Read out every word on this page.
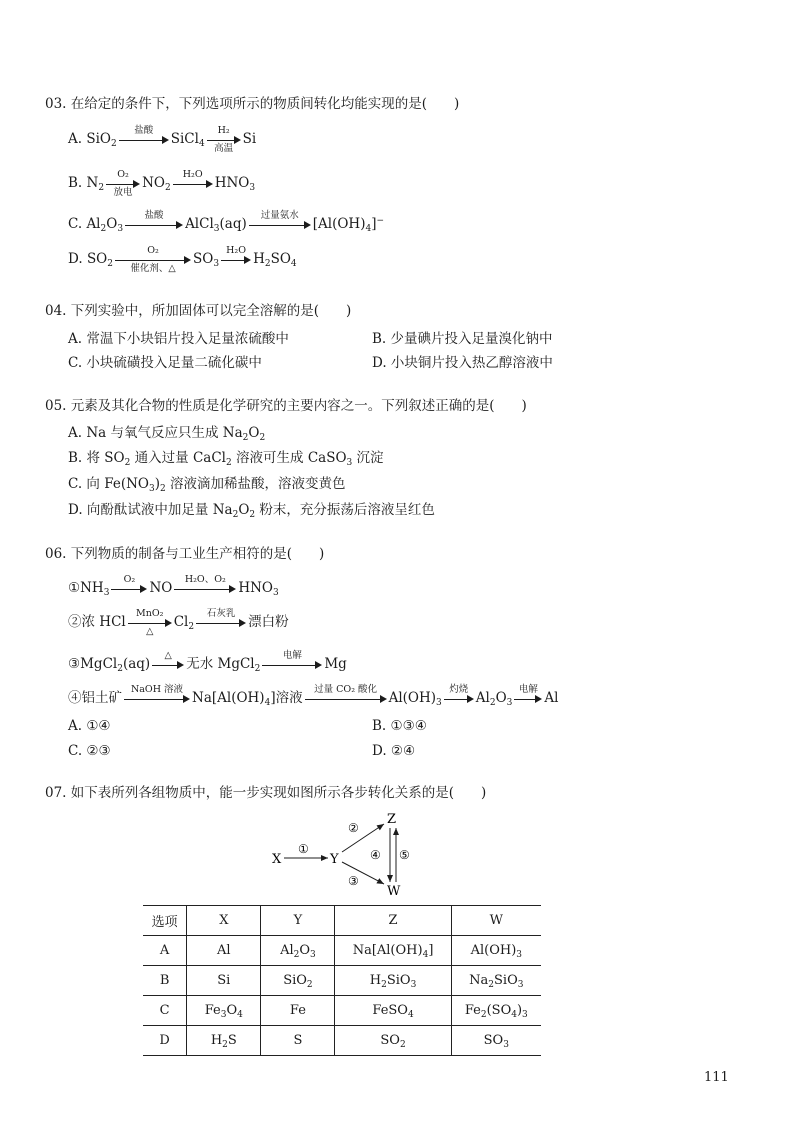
03. 在给定的条件下，下列选项所示的物质间转化均能实现的是(　　)
A. SiO$_2$
盐酸
SiCl$_4$
H₂
高温
Si
B. $N_2$
O₂
放电
$NO_2$
H₂O
$HNO_3$
C. $Al_2O_3$
盐酸
AlCl$_3$(aq)
过量氨水
$[Al(OH)_4]^-$
D. $SO_2$
O₂
催化剂、△
$SO_3$
H₂O
$H_2SO_4$
04. 下列实验中，所加固体可以完全溶解的是(　　)
A. 常温下小块铝片投入足量浓硫酸中	B. 少量碘片投入足量溴化钠中
C. 小块硫磺投入足量二硫化碳中	D. 小块铜片投入热乙醇溶液中
05. 元素及其化合物的性质是化学研究的主要内容之一。下列叙述正确的是(　　)
A. Na 与氧气反应只生成 $Na_2O_2$
B. 将 $SO_2$ 通入过量 CaCl$_2$ 溶液可生成 CaSO$_3$ 沉淀
C. 向 $Fe(NO_3)_2$ 溶液滴加稀盐酸，溶液变黄色
D. 向酚酞试液中加足量 $Na_2O_2$ 粉末，充分振荡后溶液呈红色
06. 下列物质的制备与工业生产相符的是(　　)
$①NH_3$
O₂
NO
H₂O、O₂
$HNO_3$
②浓 HCl
MnO₂
△
$Cl_2$
石灰乳
漂白粉
③MgCl$_2$(aq)
△
无水 MgCl$_2$
电解
Mg
④铝土矿
NaOH 溶液
$Na[Al(OH)_4]$溶液
过量 CO₂ 酸化
$Al(OH)_3$
灼烧
$Al_2O_3$
电解
Al
A. ①④	B. ①③④
C. ②③	D. ②④
07. 如下表所列各组物质中，能一步实现如图所示各步转化关系的是(　　)
X
①
Y
②
③
Z
W
④ ⑤
选项	X	Y	Z	W
A	Al	$Al_2O_3$	$Na[Al(OH)_4]$	$Al(OH)_3$
B	Si	SiO$_2$	$H_2SiO_3$	$Na_2SiO_3$
C	$Fe_3O_4$	Fe	FeSO$_4$	$Fe_2(SO_4)_3$
D	$H_2S$	S	$SO_2$	$SO_3$
111
